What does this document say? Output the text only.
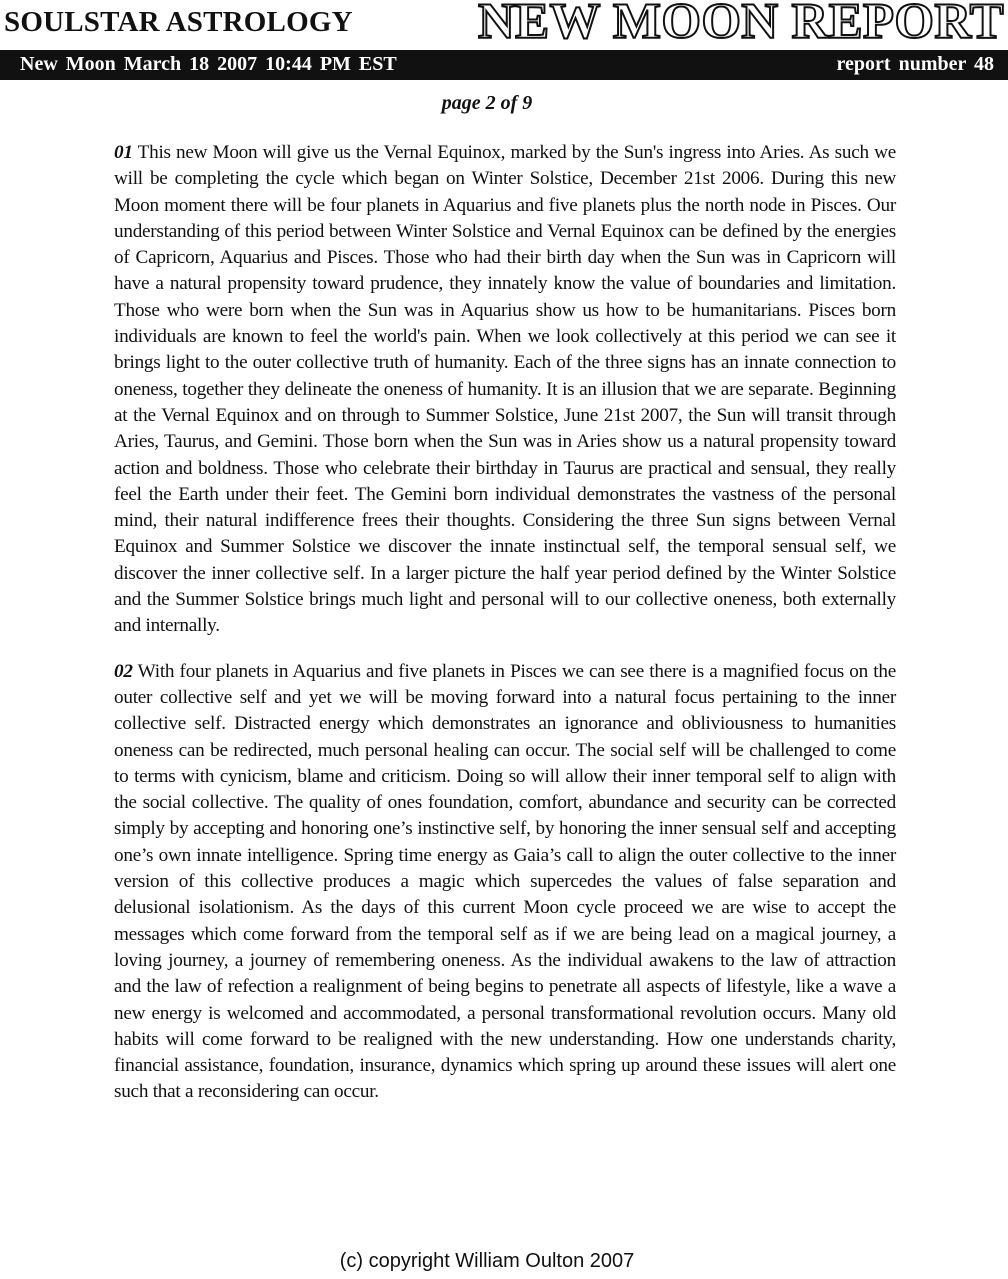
SOULSTAR ASTROLOGY NEW MOON REPORT
New Moon March 18 2007 10:44 PM EST	report number 48
page 2 of 9

01 This new Moon will give us the Vernal Equinox, marked by the Sun's ingress into Aries. As such we will be completing the cycle which began on Winter Solstice, December 21st 2006. During this new Moon moment there will be four planets in Aquarius and five planets plus the north node in Pisces. Our understanding of this period between Winter Solstice and Vernal Equinox can be defined by the energies of Capricorn, Aquarius and Pisces. Those who had their birth day when the Sun was in Capricorn will have a natural propensity toward prudence, they innately know the value of boundaries and limitation. Those who were born when the Sun was in Aquarius show us how to be humanitarians. Pisces born individuals are known to feel the world's pain. When we look collectively at this period we can see it brings light to the outer collective truth of humanity. Each of the three signs has an innate connection to oneness, together they delineate the oneness of humanity. It is an illusion that we are separate. Beginning at the Vernal Equinox and on through to Summer Solstice, June 21st 2007, the Sun will transit through Aries, Taurus, and Gemini. Those born when the Sun was in Aries show us a natural propensity toward action and boldness. Those who celebrate their birthday in Taurus are practical and sensual, they really feel the Earth under their feet. The Gemini born individual demonstrates the vastness of the personal mind, their natural indifference frees their thoughts. Considering the three Sun signs between Vernal Equinox and Summer Solstice we discover the innate instinctual self, the temporal sensual self, we discover the inner collective self. In a larger picture the half year period defined by the Winter Solstice and the Summer Solstice brings much light and personal will to our collective oneness, both externally and internally.

02 With four planets in Aquarius and five planets in Pisces we can see there is a magnified focus on the outer collective self and yet we will be moving forward into a natural focus pertaining to the inner collective self. Distracted energy which demonstrates an ignorance and obliviousness to humanities oneness can be redirected, much personal healing can occur. The social self will be challenged to come to terms with cynicism, blame and criticism. Doing so will allow their inner temporal self to align with the social collective. The quality of ones foundation, comfort, abundance and security can be corrected simply by accepting and honoring one’s instinctive self, by honoring the inner sensual self and accepting one’s own innate intelligence. Spring time energy as Gaia’s call to align the outer collective to the inner version of this collective produces a magic which supercedes the values of false separation and delusional isolationism. As the days of this current Moon cycle proceed we are wise to accept the messages which come forward from the temporal self as if we are being lead on a magical journey, a loving journey, a journey of remembering oneness. As the individual awakens to the law of attraction and the law of refection a realignment of being begins to penetrate all aspects of lifestyle, like a wave a new energy is welcomed and accommodated, a personal transformational revolution occurs. Many old habits will come forward to be realigned with the new understanding. How one understands charity, financial assistance, foundation, insurance, dynamics which spring up around these issues will alert one such that a reconsidering can occur.

(c) copyright William Oulton 2007
